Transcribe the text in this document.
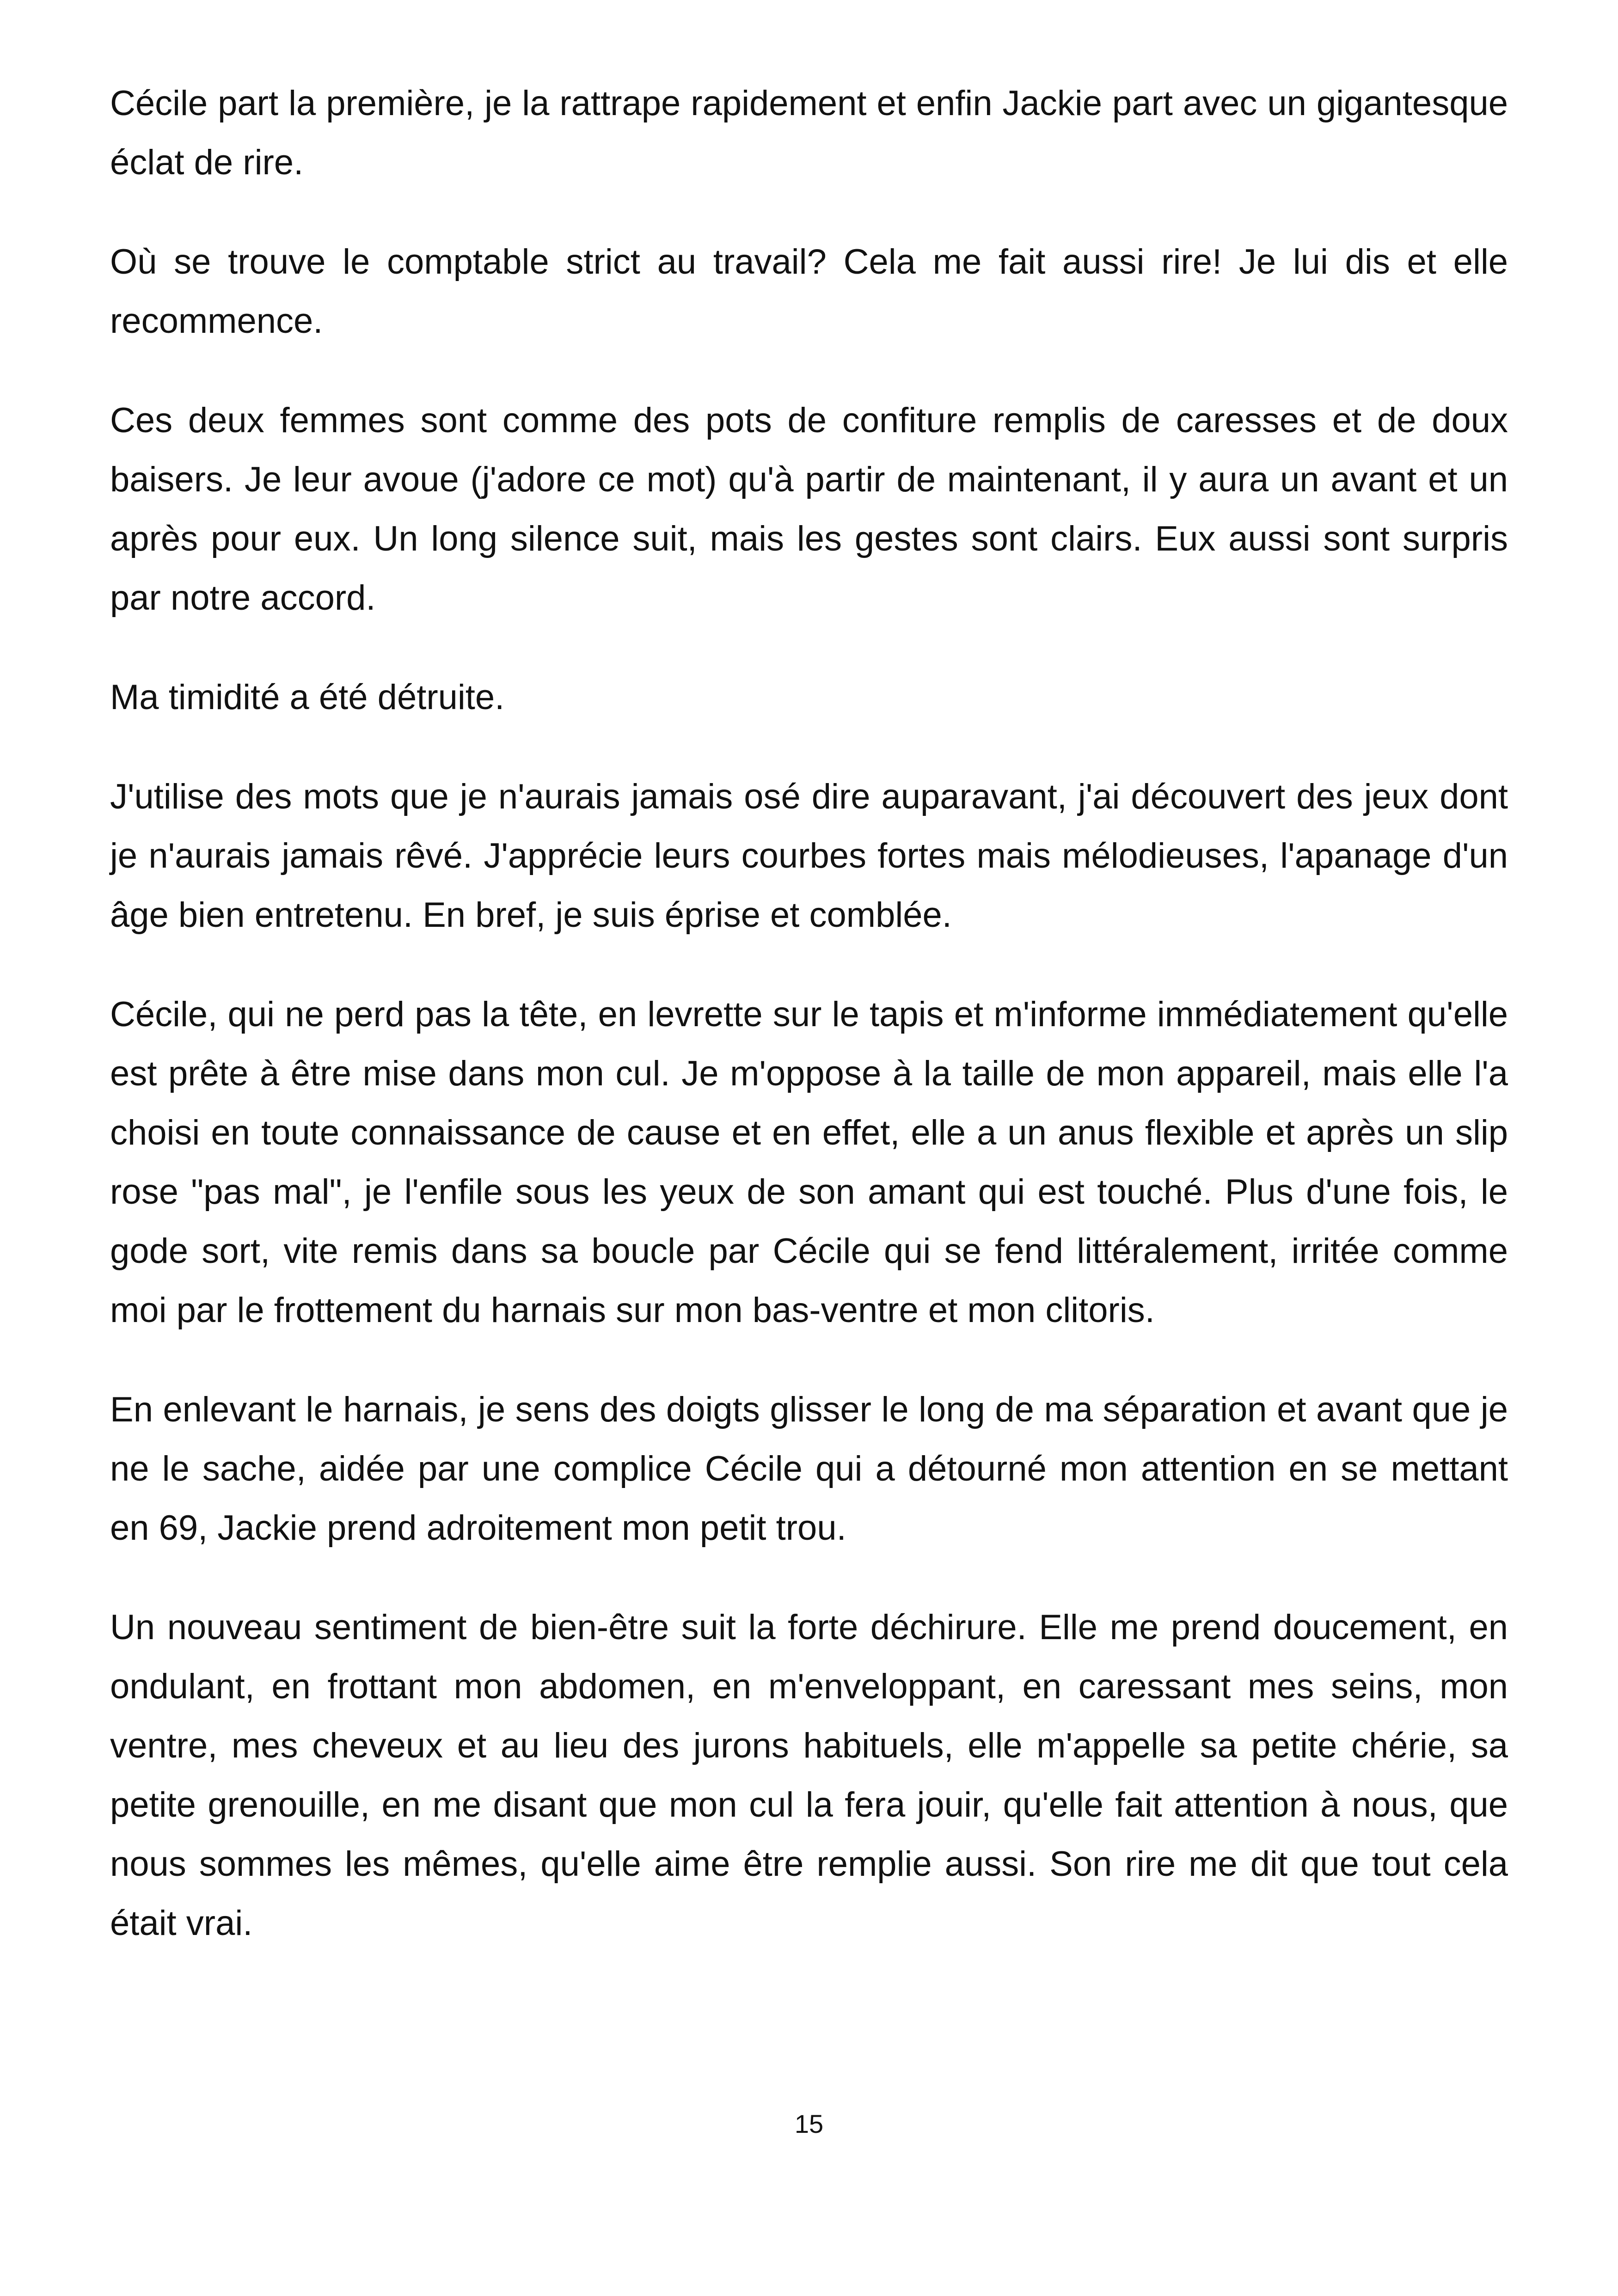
Cécile part la première, je la rattrape rapidement et enfin Jackie part avec un gigantesque éclat de rire.

Où se trouve le comptable strict au travail? Cela me fait aussi rire! Je lui dis et elle recommence.

Ces deux femmes sont comme des pots de confiture remplis de caresses et de doux baisers. Je leur avoue (j'adore ce mot) qu'à partir de maintenant, il y aura un avant et un après pour eux. Un long silence suit, mais les gestes sont clairs. Eux aussi sont surpris par notre accord.

Ma timidité a été détruite.

J'utilise des mots que je n'aurais jamais osé dire auparavant, j'ai découvert des jeux dont je n'aurais jamais rêvé. J'apprécie leurs courbes fortes mais mélodieuses, l'apanage d'un âge bien entretenu. En bref, je suis éprise et comblée.

Cécile, qui ne perd pas la tête, en levrette sur le tapis et m'informe immédiatement qu'elle est prête à être mise dans mon cul. Je m'oppose à la taille de mon appareil, mais elle l'a choisi en toute connaissance de cause et en effet, elle a un anus flexible et après un slip rose "pas mal", je l'enfile sous les yeux de son amant qui est touché. Plus d'une fois, le gode sort, vite remis dans sa boucle par Cécile qui se fend littéralement, irritée comme moi par le frottement du harnais sur mon bas-ventre et mon clitoris.

En enlevant le harnais, je sens des doigts glisser le long de ma séparation et avant que je ne le sache, aidée par une complice Cécile qui a détourné mon attention en se mettant en 69, Jackie prend adroitement mon petit trou.

Un nouveau sentiment de bien-être suit la forte déchirure. Elle me prend doucement, en ondulant, en frottant mon abdomen, en m'enveloppant, en caressant mes seins, mon ventre, mes cheveux et au lieu des jurons habituels, elle m'appelle sa petite chérie, sa petite grenouille, en me disant que mon cul la fera jouir, qu'elle fait attention à nous, que nous sommes les mêmes, qu'elle aime être remplie aussi. Son rire me dit que tout cela était vrai.

15
